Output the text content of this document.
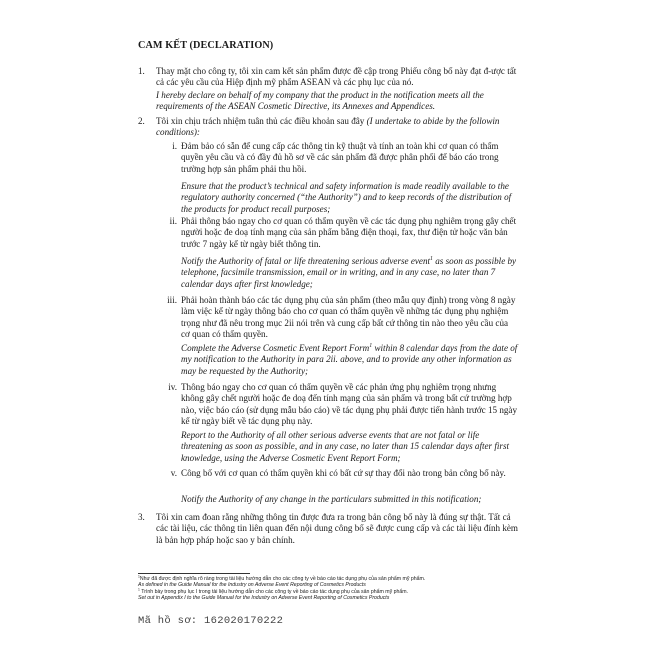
CAM KẾT (DECLARATION)
1.	Thay mặt cho công ty, tôi xin cam kết sản phẩm được đề cập trong Phiếu công bố này đạt đ-ược tất cả các yêu cầu của Hiệp định mỹ phẩm ASEAN và các phụ lục của nó.

I hereby declare on behalf of my company that the product in the notification meets all the requirements of the ASEAN Cosmetic Directive, its Annexes and Appendices.

2.	Tôi xin chịu trách nhiệm tuân thủ các điều khoản sau đây (I undertake to abide by the followin conditions):

i. Đảm bảo có sẵn để cung cấp các thông tin kỹ thuật và tính an toàn khi cơ quan có thẩm quyền yêu cầu và có đầy đủ hồ sơ về các sản phẩm đã được phân phối để báo cáo trong trường hợp sản phẩm phải thu hồi.

Ensure that the product’s technical and safety information is made readily available to the regulatory authority concerned (“the Authority”) and to keep records of the distribution of the products for product recall purposes;

ii. Phải thông báo ngay cho cơ quan có thẩm quyền về các tác dụng phụ nghiêm trọng gây chết người hoặc đe doạ tính mạng của sản phẩm bằng điện thoại, fax, thư điện tử hoặc văn bản trước 7 ngày kể từ ngày biết thông tin.

Notify the Authority of fatal or life threatening serious adverse event$^1$ as soon as possible by telephone, facsimile transmission, email or in writing, and in any case, no later than 7 calendar days after first knowledge;

iii. Phải hoàn thành báo các tác dụng phụ của sản phẩm (theo mẫu quy định) trong vòng 8 ngày làm việc kể từ ngày thông báo cho cơ quan có thẩm quyền về những tác dụng phụ nghiệm trọng như đã nêu trong mục 2ii nói trên và cung cấp bất cứ thông tin nào theo yêu cầu của cơ quan có thẩm quyền.

Complete the Adverse Cosmetic Event Report Form$^1$ within 8 calendar days from the date of my notification to the Authority in para 2ii. above, and to provide any other information as may be requested by the Authority;

iv. Thông báo ngay cho cơ quan có thẩm quyền về các phản ứng phụ nghiêm trọng nhưng không gây chết người hoặc đe doạ đến tính mạng của sản phẩm và trong bất cứ trường hợp nào, việc báo cáo (sử dụng mẫu báo cáo) về tác dụng phụ phải được tiến hành trước 15 ngày kể từ ngày biết về tác dụng phụ này.

Report to the Authority of all other serious adverse events that are not fatal or life threatening as soon as possible, and in any case, no later than 15 calendar days after first knowledge, using the Adverse Cosmetic Event Report Form;

v. Công bố với cơ quan có thẩm quyền khi có bất cứ sự thay đổi nào trong bản công bố này.

Notify the Authority of any change in the particulars submitted in this notification;

3.	Tôi xin cam đoan rằng những thông tin được đưa ra trong bản công bố này là đúng sự thật. Tất cả các tài liệu, các thông tin liên quan đến nội dung công bố sẽ được cung cấp và các tài liệu đính kèm là bản hợp pháp hoặc sao y bản chính.

$^1$Như đã được định nghĩa rõ ràng trong tài liệu hướng dẫn cho các công ty về báo cáo tác dụng phụ của sản phẩm mỹ phẩm.
As defined in the Guide Manual for the Industry on Adverse Event Reporting of Cosmetics Products
$^1$ Trình bày trong phụ lục I trong tài liệu hướng dẫn cho các công ty về báo cáo tác dụng phụ của sản phẩm mỹ phẩm.
Set out in Appendix I to the Guide Manual for the Industry on Adverse Event Reporting of Cosmetics Products
Mã hồ sơ: 162020170222
